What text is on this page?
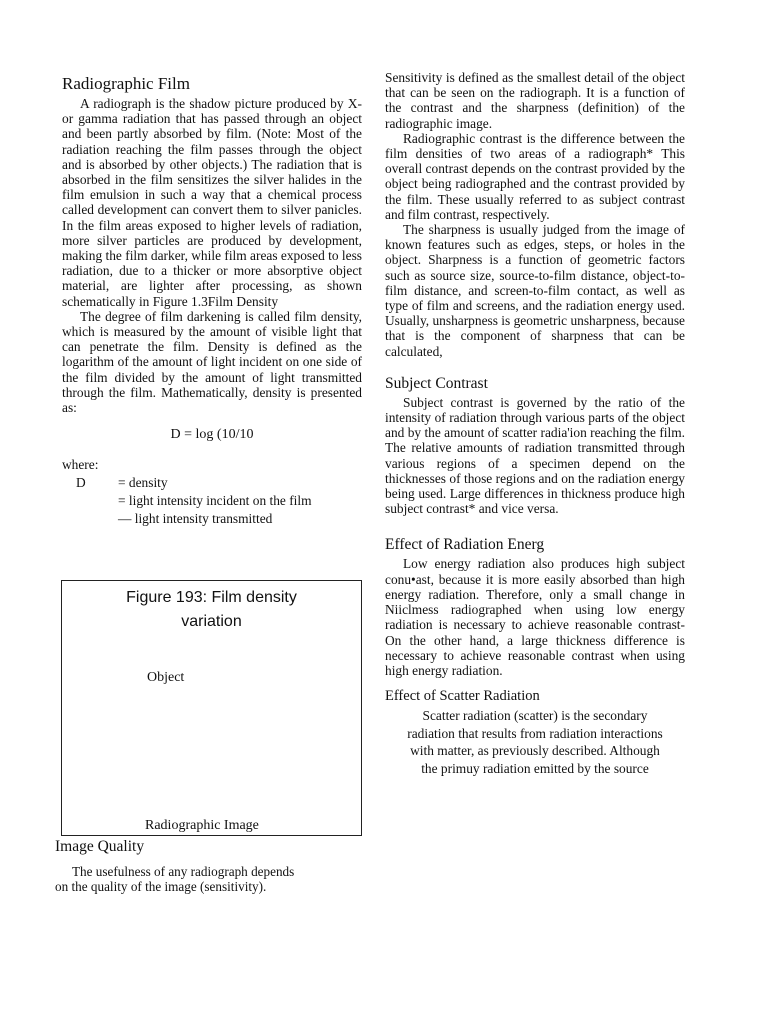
Radiographic Film

A radiograph is the shadow picture produced by X- or gamma radiation that has passed through an object and been partly absorbed by film. (Note: Most of the radiation reaching the film passes through the object and is absorbed by other objects.) The radiation that is absorbed in the film sensitizes the silver halides in the film emulsion in such a way that a chemical process called development can convert them to silver panicles. In the film areas exposed to higher levels of radiation, more silver particles are produced by development, making the film darker, while film areas exposed to less radiation, due to a thicker or more absorptive object material, are lighter after processing, as shown schematically in Figure 1.3Film Density

The degree of film darkening is called film density, which is measured by the amount of visible light that can penetrate the film. Density is defined as the logarithm of the amount of light incident on one side of the film divided by the amount of light transmitted through the film. Mathematically, density is presented as:

D = log (10/10
where:
D	= density
= light intensity incident on the film
— light intensity transmitted
Figure 193: Film density
variation
Object
Radiographic Image
Image Quality
The usefulness of any radiograph depends
on the quality of the image (sensitivity).

Sensitivity is defined as the smallest detail of the object that can be seen on the radiograph. It is a function of the contrast and the sharpness (definition) of the radiographic image.

Radiographic contrast is the difference between the film densities of two areas of a radiograph* This overall contrast depends on the contrast provided by the object being radiographed and the contrast provided by the film. These usually referred to as subject contrast and film contrast, respectively.

The sharpness is usually judged from the image of known features such as edges, steps, or holes in the object. Sharpness is a function of geometric factors such as source size, source-to-film distance, object-to-film distance, and screen-to-film contact, as well as type of film and screens, and the radiation energy used. Usually, unsharpness is geometric unsharpness, because that is the component of sharpness that can be calculated,

Subject Contrast

Subject contrast is governed by the ratio of the intensity of radiation through various parts of the object and by the amount of scatter radia'ion reaching the film. The relative amounts of radiation transmitted through various regions of a specimen depend on the thicknesses of those regions and on the radiation energy being used. Large differences in thickness produce high subject contrast* and vice versa.

Effect of Radiation Energ

Low energy radiation also produces high subject conu•ast, because it is more easily absorbed than high energy radiation. Therefore, only a small change in Niiclmess radiographed when using low energy radiation is necessary to achieve reasonable contrast- On the other hand, a large thickness difference is necessary to achieve reasonable contrast when using high energy radiation.

Effect of Scatter Radiation

Scatter radiation (scatter) is the secondary

radiation that results from radiation interactions

with matter, as previously described. Although

the primuy radiation emitted by the source
